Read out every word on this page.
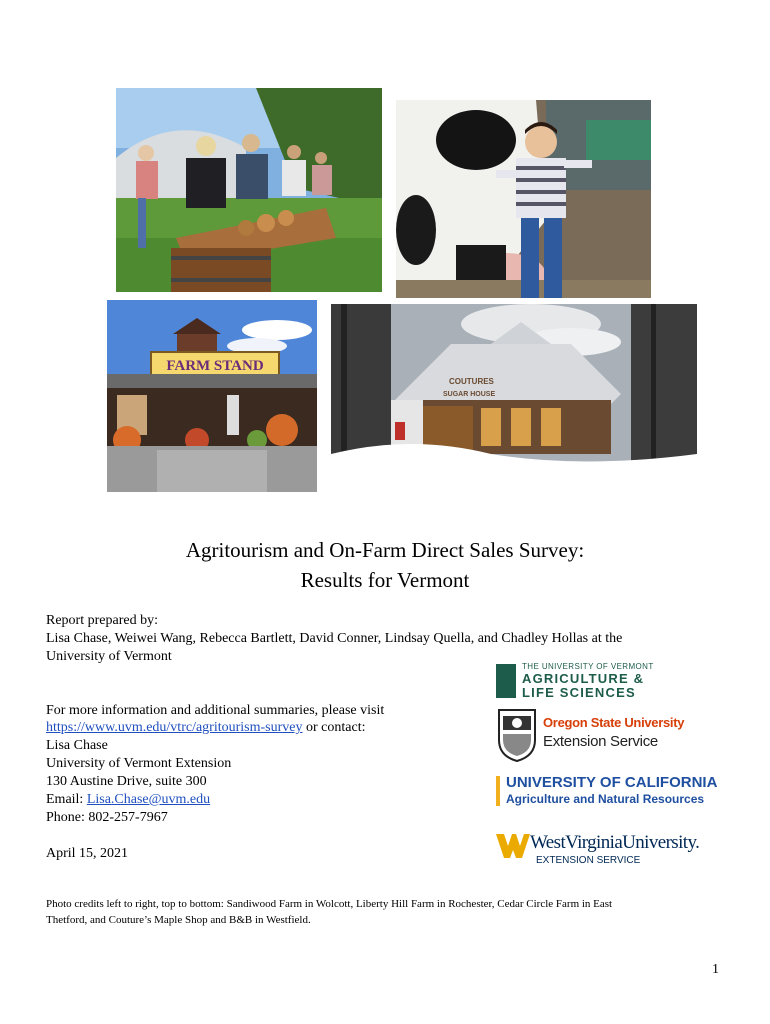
FARM STAND
COUTURES
SUGAR HOUSE
Agritourism and On-Farm Direct Sales Survey:
Results for Vermont
Report prepared by:
Lisa Chase, Weiwei Wang, Rebecca Bartlett, David Conner, Lindsay Quella, and Chadley Hollas at the
University of Vermont
For more information and additional summaries, please visit
https://www.uvm.edu/vtrc/agritourism-survey or contact:
Lisa Chase
University of Vermont Extension
130 Austine Drive, suite 300
Email: Lisa.Chase@uvm.edu
Phone: 802-257-7967
April 15, 2021
Photo credits left to right, top to bottom: Sandiwood Farm in Wolcott, Liberty Hill Farm in Rochester, Cedar Circle Farm in East
Thetford, and Couture’s Maple Shop and B&B in Westfield.
1
THE UNIVERSITY OF VERMONT
AGRICULTURE &
LIFE SCIENCES
Oregon State University
Extension Service
UNIVERSITY OF CALIFORNIA
Agriculture and Natural Resources
WestVirginiaUniversity.
EXTENSION SERVICE
